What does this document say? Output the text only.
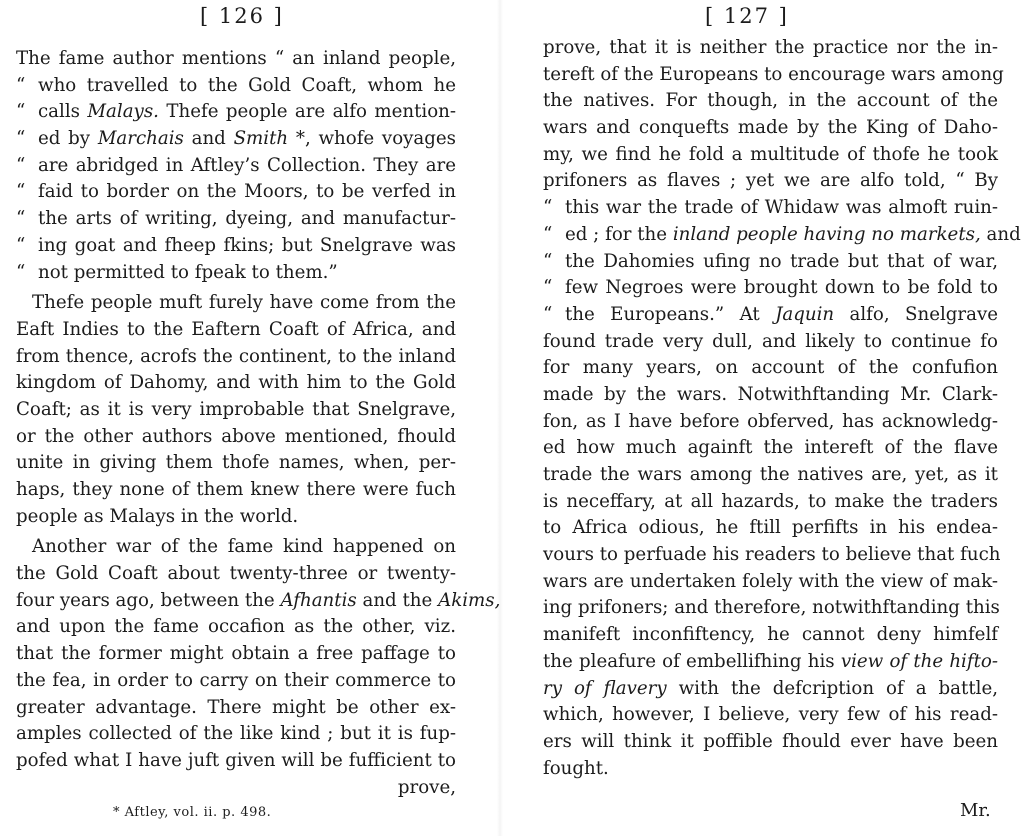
[ 126 ]
The fame author mentions “ an inland people,
“ who travelled to the Gold Coaft, whom he
“ calls Malays. Thefe people are alfo mention-
“ ed by Marchais and Smith *, whofe voyages
“ are abridged in Aftley’s Collection. They are
“ faid to border on the Moors, to be verfed in
“ the arts of writing, dyeing, and manufactur-
“ ing goat and fheep fkins; but Snelgrave was
“ not permitted to fpeak to them.”
Thefe people muft furely have come from the
Eaft Indies to the Eaftern Coaft of Africa, and
from thence, acrofs the continent, to the inland
kingdom of Dahomy, and with him to the Gold
Coaft; as it is very improbable that Snelgrave,
or the other authors above mentioned, fhould
unite in giving them thofe names, when, per-
haps, they none of them knew there were fuch
people as Malays in the world.
Another war of the fame kind happened on
the Gold Coaft about twenty-three or twenty-
four years ago, between the Afhantis and the Akims,
and upon the fame occafion as the other, viz.
that the former might obtain a free paffage to
the fea, in order to carry on their commerce to
greater advantage. There might be other ex-
amples collected of the like kind ; but it is fup-
pofed what I have juft given will be fufficient to
prove,
* Aftley, vol. ii. p. 498.
[ 127 ]
prove, that it is neither the practice nor the in-
tereft of the Europeans to encourage wars among
the natives. For though, in the account of the
wars and conquefts made by the King of Daho-
my, we find he fold a multitude of thofe he took
prifoners as flaves ; yet we are alfo told, “ By
“ this war the trade of Whidaw was almoft ruin-
“ ed ; for the inland people having no markets, and
“ the Dahomies ufing no trade but that of war,
“ few Negroes were brought down to be fold to
“ the Europeans.” At Jaquin alfo, Snelgrave
found trade very dull, and likely to continue fo
for many years, on account of the confufion
made by the wars. Notwithftanding Mr. Clark-
fon, as I have before obferved, has acknowledg-
ed how much againft the intereft of the flave
trade the wars among the natives are, yet, as it
is neceffary, at all hazards, to make the traders
to Africa odious, he ftill perfifts in his endea-
vours to perfuade his readers to believe that fuch
wars are undertaken folely with the view of mak-
ing prifoners; and therefore, notwithftanding this
manifeft inconfiftency, he cannot deny himfelf
the pleafure of embellifhing his view of the hifto-
ry of flavery with the defcription of a battle,
which, however, I believe, very few of his read-
ers will think it poffible fhould ever have been
fought.
Mr.
